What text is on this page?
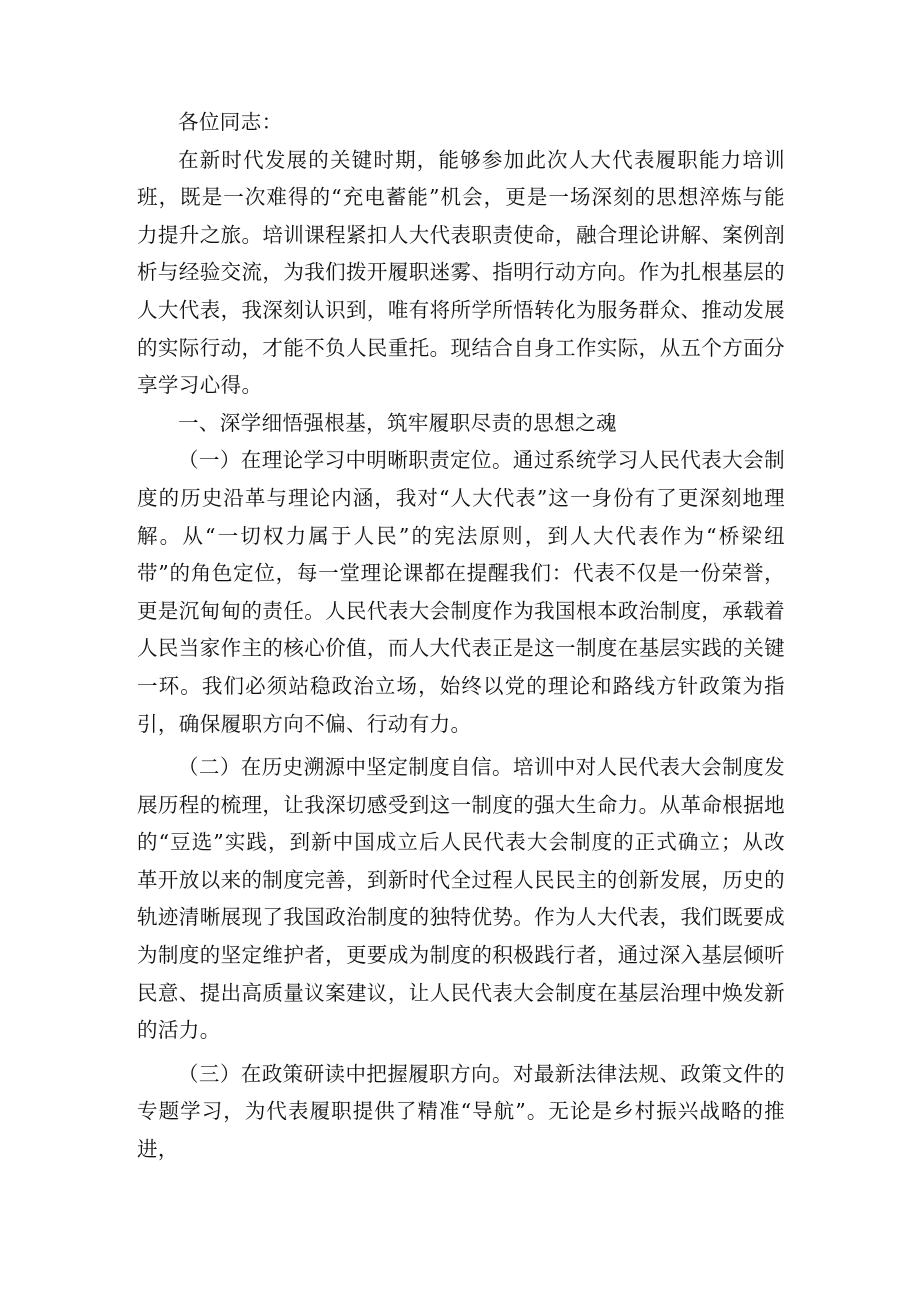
各位同志：

在新时代发展的关键时期，能够参加此次人大代表履职能力培训班，既是一次难得的“充电蓄能”机会，更是一场深刻的思想淬炼与能力提升之旅。培训课程紧扣人大代表职责使命，融合理论讲解、案例剖析与经验交流，为我们拨开履职迷雾、指明行动方向。作为扎根基层的人大代表，我深刻认识到，唯有将所学所悟转化为服务群众、推动发展的实际行动，才能不负人民重托。现结合自身工作实际，从五个方面分享学习心得。

一、深学细悟强根基，筑牢履职尽责的思想之魂

（一）在理论学习中明晰职责定位。通过系统学习人民代表大会制度的历史沿革与理论内涵，我对“人大代表”这一身份有了更深刻地理解。从“一切权力属于人民”的宪法原则，到人大代表作为“桥梁纽带”的角色定位，每一堂理论课都在提醒我们：代表不仅是一份荣誉，更是沉甸甸的责任。人民代表大会制度作为我国根本政治制度，承载着人民当家作主的核心价值，而人大代表正是这一制度在基层实践的关键一环。我们必须站稳政治立场，始终以党的理论和路线方针政策为指引，确保履职方向不偏、行动有力。

（二）在历史溯源中坚定制度自信。培训中对人民代表大会制度发展历程的梳理，让我深切感受到这一制度的强大生命力。从革命根据地的“豆选”实践，到新中国成立后人民代表大会制度的正式确立；从改革开放以来的制度完善，到新时代全过程人民民主的创新发展，历史的轨迹清晰展现了我国政治制度的独特优势。作为人大代表，我们既要成为制度的坚定维护者，更要成为制度的积极践行者，通过深入基层倾听民意、提出高质量议案建议，让人民代表大会制度在基层治理中焕发新的活力。

（三）在政策研读中把握履职方向。对最新法律法规、政策文件的专题学习，为代表履职提供了精准“导航”。无论是乡村振兴战略的推进，
